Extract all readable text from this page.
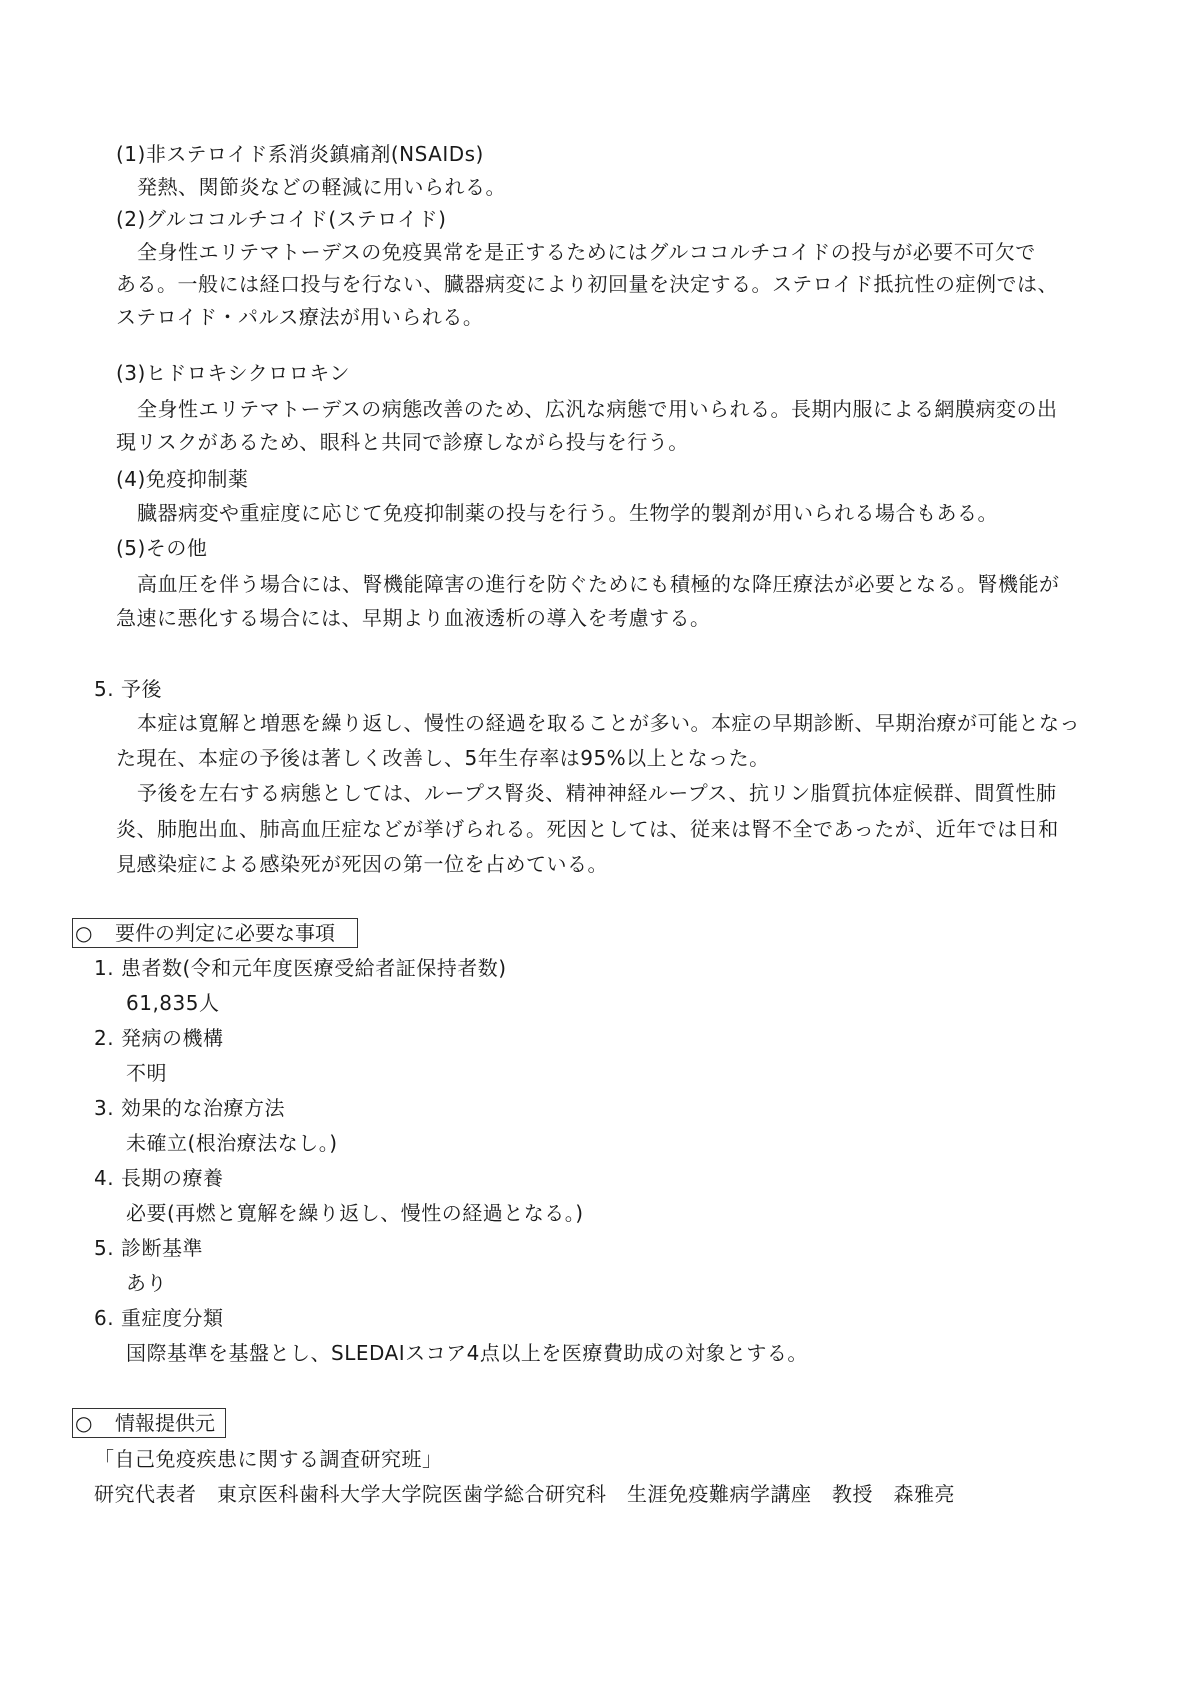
(1)非ステロイド系消炎鎮痛剤(NSAIDs)
発熱、関節炎などの軽減に用いられる。
(2)グルココルチコイド(ステロイド)
全身性エリテマトーデスの免疫異常を是正するためにはグルココルチコイドの投与が必要不可欠で
ある。一般には経口投与を行ない、臓器病変により初回量を決定する。ステロイド抵抗性の症例では、
ステロイド・パルス療法が用いられる。
(3)ヒドロキシクロロキン
全身性エリテマトーデスの病態改善のため、広汎な病態で用いられる。長期内服による網膜病変の出
現リスクがあるため、眼科と共同で診療しながら投与を行う。
(4)免疫抑制薬
臓器病変や重症度に応じて免疫抑制薬の投与を行う。生物学的製剤が用いられる場合もある。
(5)その他
高血圧を伴う場合には、腎機能障害の進行を防ぐためにも積極的な降圧療法が必要となる。腎機能が
急速に悪化する場合には、早期より血液透析の導入を考慮する。
5. 予後
本症は寛解と増悪を繰り返し、慢性の経過を取ることが多い。本症の早期診断、早期治療が可能となっ
た現在、本症の予後は著しく改善し、5年生存率は95%以上となった。
予後を左右する病態としては、ループス腎炎、精神神経ループス、抗リン脂質抗体症候群、間質性肺
炎、肺胞出血、肺高血圧症などが挙げられる。死因としては、従来は腎不全であったが、近年では日和
見感染症による感染死が死因の第一位を占めている。
○ 要件の判定に必要な事項
1. 患者数(令和元年度医療受給者証保持者数)
61,835人
2. 発病の機構
不明
3. 効果的な治療方法
未確立(根治療法なし。)
4. 長期の療養
必要(再燃と寛解を繰り返し、慢性の経過となる。)
5. 診断基準
あり
6. 重症度分類
国際基準を基盤とし、SLEDAIスコア4点以上を医療費助成の対象とする。
○ 情報提供元
「自己免疫疾患に関する調査研究班」
研究代表者　東京医科歯科大学大学院医歯学総合研究科　生涯免疫難病学講座　教授　森雅亮
